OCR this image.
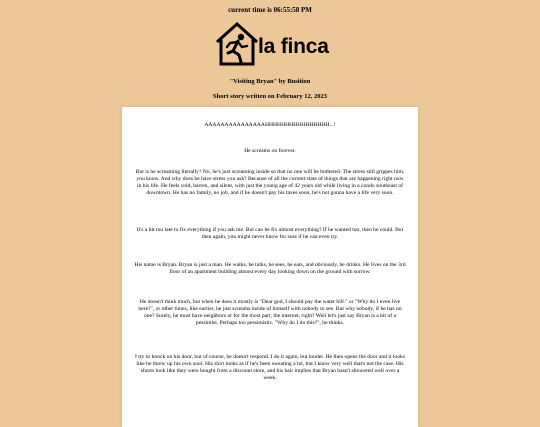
current time is 06:55:58 PM
la finca
"Visiting Bryan" by Busition
Short story written on February 12, 2023

AAAAAAAAAAAAAAAHHHHHHHHHHHHHHHH...!

He screams on forever.

But is he screaming literally? No, he's just screaming inside so that no one will be bothered. The stress still grippes him, you know. And why does he have stress you ask? Because of all the current state of things that are happening right now in his life. He feels cold, barren, and silent, with just the young age of 42 years old while living in a condo southeast of downtown. He has no family, no job, and if he doesn't pay his taxes soon, he's not gonna have a life very soon.

It's a bit too late to fix everything if you ask me. But can he fix almost everything? If he wanted too, then he could. But then again, you might never know for sure if he can even try.

His name is Bryan. Bryan is just a man. He walks, he talks, he sees, he eats, and obviously, he drinks. He lives on the 3rd floor of an apartment building almost every day looking down on the ground with sorrow.

He doesn't think much, but when he does it mostly is "Dear god, I should pay the water bill." or "Why do I even live here?", or other times, like earlier, he just screams inside of himself with nobody to see. But why nobody, if he has no one? Surely, he must have neighbors or for the most part, the internet, right? Well let's just say Bryan is a bit of a pessimist. Perhaps too pessimistic. "Why do I do this?", he thinks.

I try to knock on his door, but of course, he doesn't respond. I do it again, but louder. He then opens the door and it looks like he threw up his own soul. His shirt looks as if he's been sweating a lot, but I know very well that's not the case. His shorts look like they were bought from a discount store, and his hair implies that Bryan hasn't showered well over a week.
